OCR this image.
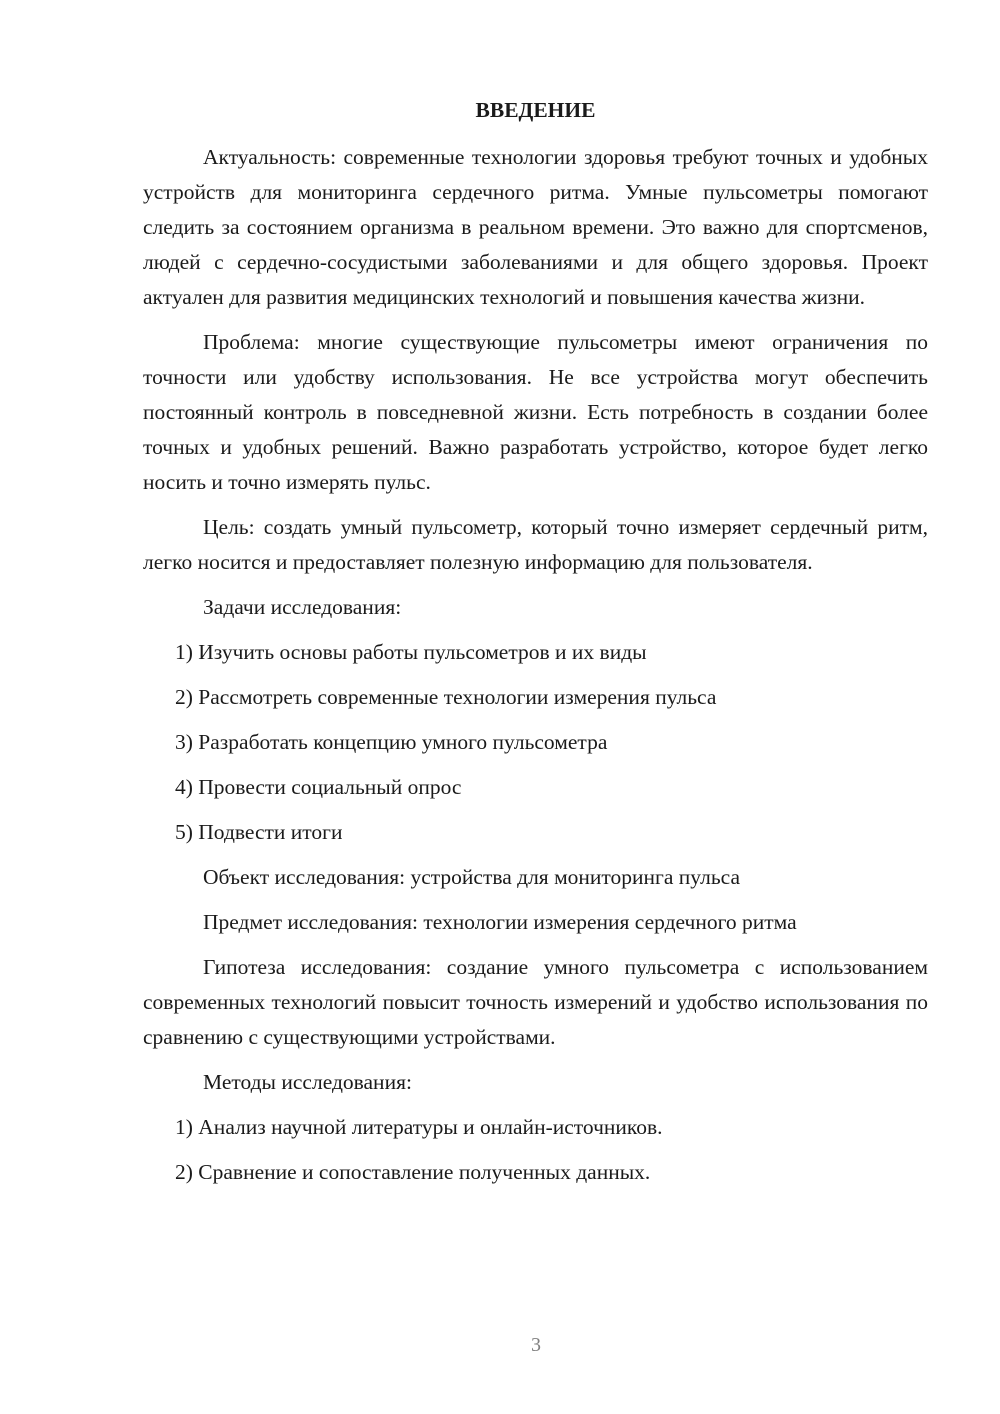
ВВЕДЕНИЕ
Актуальность: современные технологии здоровья требуют точных и удобных устройств для мониторинга сердечного ритма. Умные пульсометры помогают следить за состоянием организма в реальном времени. Это важно для спортсменов, людей с сердечно-сосудистыми заболеваниями и для общего здоровья. Проект актуален для развития медицинских технологий и повышения качества жизни.
Проблема: многие существующие пульсометры имеют ограничения по точности или удобству использования. Не все устройства могут обеспечить постоянный контроль в повседневной жизни. Есть потребность в создании более точных и удобных решений. Важно разработать устройство, которое будет легко носить и точно измерять пульс.
Цель: создать умный пульсометр, который точно измеряет сердечный ритм, легко носится и предоставляет полезную информацию для пользователя.
Задачи исследования:
1) Изучить основы работы пульсометров и их виды
2) Рассмотреть современные технологии измерения пульса
3) Разработать концепцию умного пульсометра
4) Провести социальный опрос
5) Подвести итоги
Объект исследования: устройства для мониторинга пульса
Предмет исследования: технологии измерения сердечного ритма
Гипотеза исследования: создание умного пульсометра с использованием современных технологий повысит точность измерений и удобство использования по сравнению с существующими устройствами.
Методы исследования:
1) Анализ научной литературы и онлайн-источников.
2) Сравнение и сопоставление полученных данных.
3
